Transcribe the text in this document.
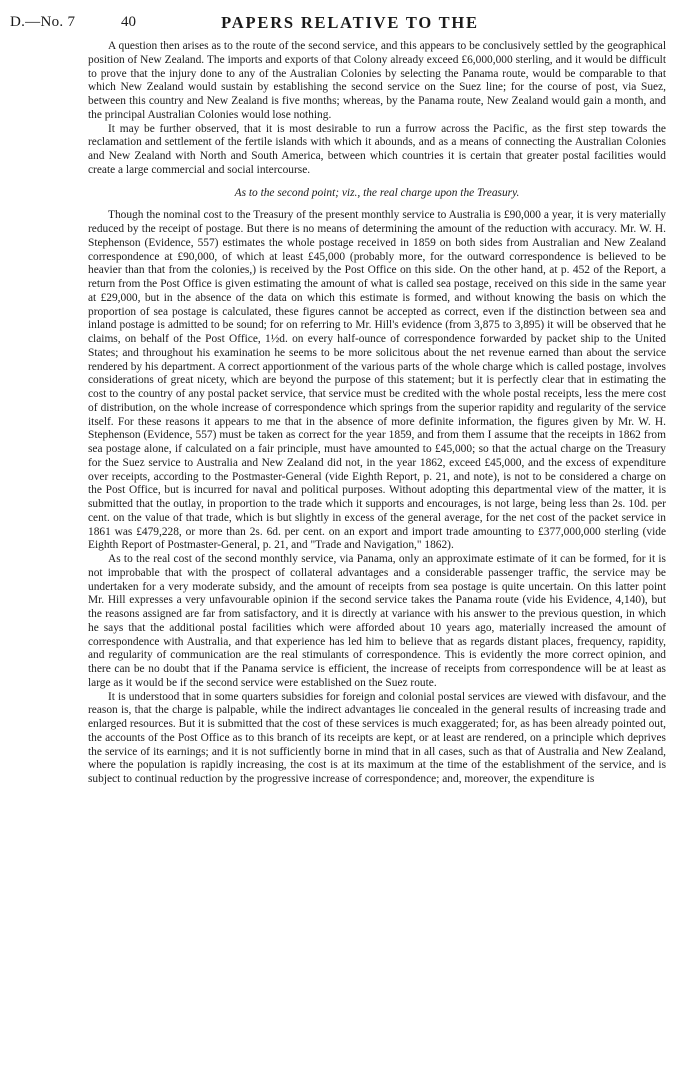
D.—No. 7	40	PAPERS RELATIVE TO THE

A question then arises as to the route of the second service, and this appears to be conclusively settled by the geographical position of New Zealand. The imports and exports of that Colony already exceed £6,000,000 sterling, and it would be difficult to prove that the injury done to any of the Australian Colonies by selecting the Panama route, would be comparable to that which New Zealand would sustain by establishing the second service on the Suez line; for the course of post, via Suez, between this country and New Zealand is five months; whereas, by the Panama route, New Zealand would gain a month, and the principal Australian Colonies would lose nothing.

It may be further observed, that it is most desirable to run a furrow across the Pacific, as the first step towards the reclamation and settlement of the fertile islands with which it abounds, and as a means of connecting the Australian Colonies and New Zealand with North and South America, between which countries it is certain that greater postal facilities would create a large commercial and social intercourse.

As to the second point; viz., the real charge upon the Treasury.

Though the nominal cost to the Treasury of the present monthly service to Australia is £90,000 a year, it is very materially reduced by the receipt of postage. But there is no means of determining the amount of the reduction with accuracy. Mr. W. H. Stephenson (Evidence, 557) estimates the whole postage received in 1859 on both sides from Australian and New Zealand correspondence at £90,000, of which at least £45,000 (probably more, for the outward correspondence is believed to be heavier than that from the colonies,) is received by the Post Office on this side. On the other hand, at p. 452 of the Report, a return from the Post Office is given estimating the amount of what is called sea postage, received on this side in the same year at £29,000, but in the absence of the data on which this estimate is formed, and without knowing the basis on which the proportion of sea postage is calculated, these figures cannot be accepted as correct, even if the distinction between sea and inland postage is admitted to be sound; for on referring to Mr. Hill's evidence (from 3,875 to 3,895) it will be observed that he claims, on behalf of the Post Office, 1½d. on every half-ounce of correspondence forwarded by packet ship to the United States; and throughout his examination he seems to be more solicitous about the net revenue earned than about the service rendered by his department. A correct apportionment of the various parts of the whole charge which is called postage, involves considerations of great nicety, which are beyond the purpose of this statement; but it is perfectly clear that in estimating the cost to the country of any postal packet service, that service must be credited with the whole postal receipts, less the mere cost of distribution, on the whole increase of correspondence which springs from the superior rapidity and regularity of the service itself. For these reasons it appears to me that in the absence of more definite information, the figures given by Mr. W. H. Stephenson (Evidence, 557) must be taken as correct for the year 1859, and from them I assume that the receipts in 1862 from sea postage alone, if calculated on a fair principle, must have amounted to £45,000; so that the actual charge on the Treasury for the Suez service to Australia and New Zealand did not, in the year 1862, exceed £45,000, and the excess of expenditure over receipts, according to the Postmaster-General (vide Eighth Report, p. 21, and note), is not to be considered a charge on the Post Office, but is incurred for naval and political purposes. Without adopting this departmental view of the matter, it is submitted that the outlay, in proportion to the trade which it supports and encourages, is not large, being less than 2s. 10d. per cent. on the value of that trade, which is but slightly in excess of the general average, for the net cost of the packet service in 1861 was £479,228, or more than 2s. 6d. per cent. on an export and import trade amounting to £377,000,000 sterling (vide Eighth Report of Postmaster-General, p. 21, and "Trade and Navigation," 1862).

As to the real cost of the second monthly service, via Panama, only an approximate estimate of it can be formed, for it is not improbable that with the prospect of collateral advantages and a considerable passenger traffic, the service may be undertaken for a very moderate subsidy, and the amount of receipts from sea postage is quite uncertain. On this latter point Mr. Hill expresses a very unfavourable opinion if the second service takes the Panama route (vide his Evidence, 4,140), but the reasons assigned are far from satisfactory, and it is directly at variance with his answer to the previous question, in which he says that the additional postal facilities which were afforded about 10 years ago, materially increased the amount of correspondence with Australia, and that experience has led him to believe that as regards distant places, frequency, rapidity, and regularity of communication are the real stimulants of correspondence. This is evidently the more correct opinion, and there can be no doubt that if the Panama service is efficient, the increase of receipts from correspondence will be at least as large as it would be if the second service were established on the Suez route.

It is understood that in some quarters subsidies for foreign and colonial postal services are viewed with disfavour, and the reason is, that the charge is palpable, while the indirect advantages lie concealed in the general results of increasing trade and enlarged resources. But it is submitted that the cost of these services is much exaggerated; for, as has been already pointed out, the accounts of the Post Office as to this branch of its receipts are kept, or at least are rendered, on a principle which deprives the service of its earnings; and it is not sufficiently borne in mind that in all cases, such as that of Australia and New Zealand, where the population is rapidly increasing, the cost is at its maximum at the time of the establishment of the service, and is subject to continual reduction by the progressive increase of correspondence; and, moreover, the expenditure is
